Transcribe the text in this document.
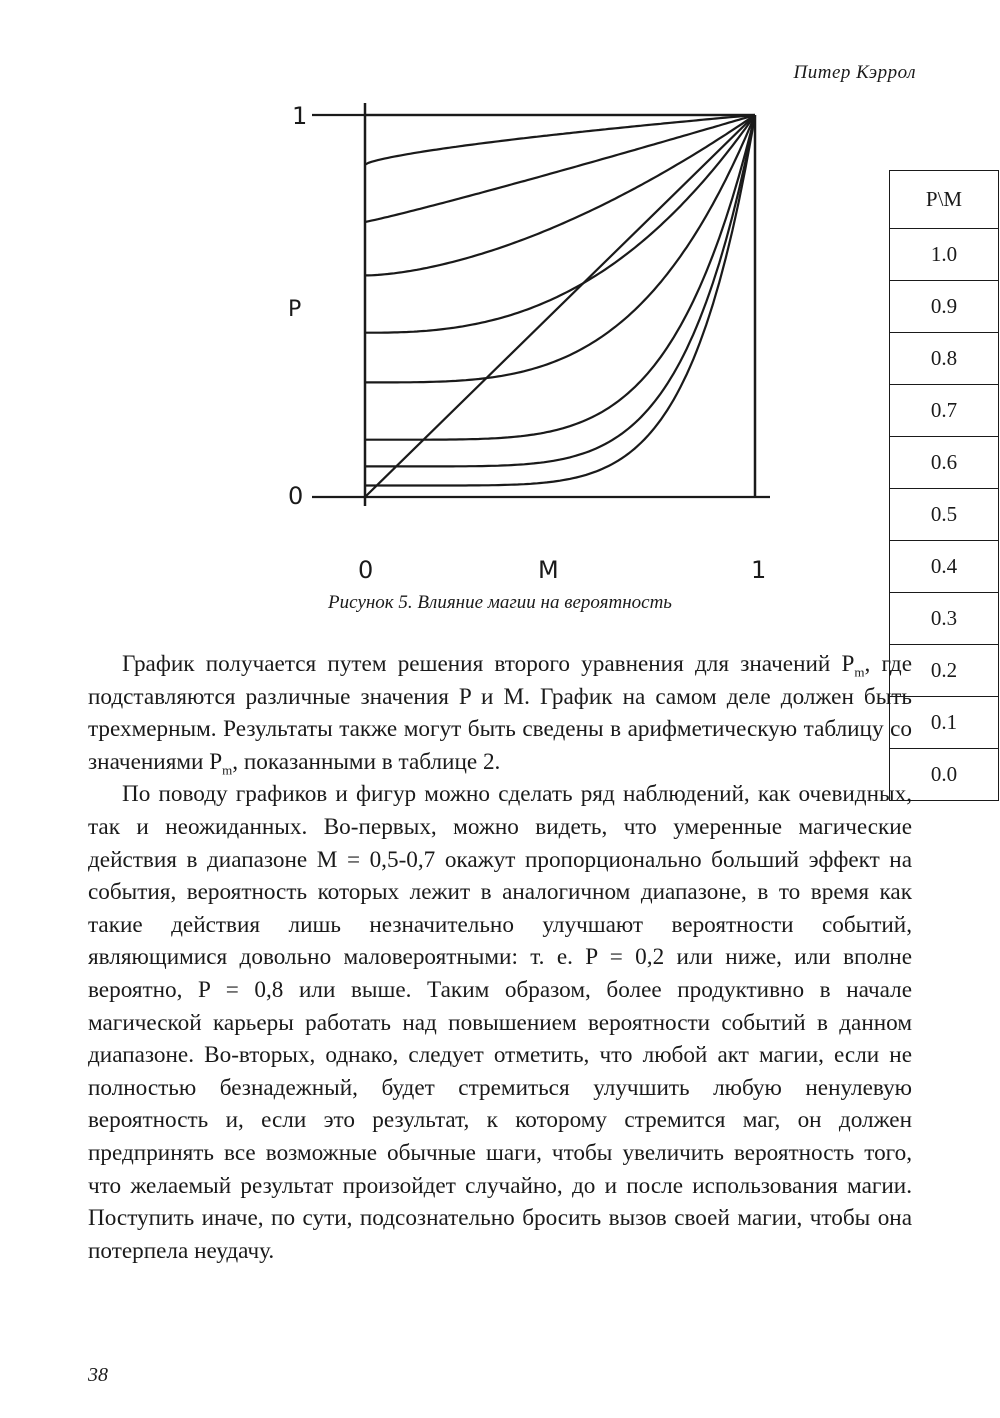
Питер Кэррол
1
0
P
0	M	1
Рисунок 5. Влияние магии на вероятность
P\M
1.0
0.9
0.8
0.7
0.6
0.5
0.4
0.3
0.2
0.1
0.0

График получается путем решения второго уравнения для значений $P_m$, где подставляются различные значения P и M. График на самом деле должен быть трехмерным. Результаты также могут быть сведены в арифметическую таблицу со значениями $P_m$, показанными в таблице 2.

По поводу графиков и фигур можно сделать ряд наблюдений, как очевидных, так и неожиданных. Во-первых, можно видеть, что умеренные магические действия в диапазоне M = 0,5-0,7 окажут пропорционально больший эффект на события, вероятность которых лежит в аналогичном диапазоне, в то время как такие действия лишь незначительно улучшают вероятности событий, являющимися довольно маловероятными: т. е. P = 0,2 или ниже, или вполне вероятно, P = 0,8 или выше. Таким образом, более продуктивно в начале магической карьеры работать над повышением вероятности событий в данном диапазоне. Во-вторых, однако, следует отметить, что любой акт магии, если не полностью безнадежный, будет стремиться улучшить любую ненулевую вероятность и, если это результат, к которому стремится маг, он должен предпринять все возможные обычные шаги, чтобы увеличить вероятность того, что желаемый результат произойдет случайно, до и после использования магии. Поступить иначе, по сути, подсознательно бросить вызов своей магии, чтобы она потерпела неудачу.

38
